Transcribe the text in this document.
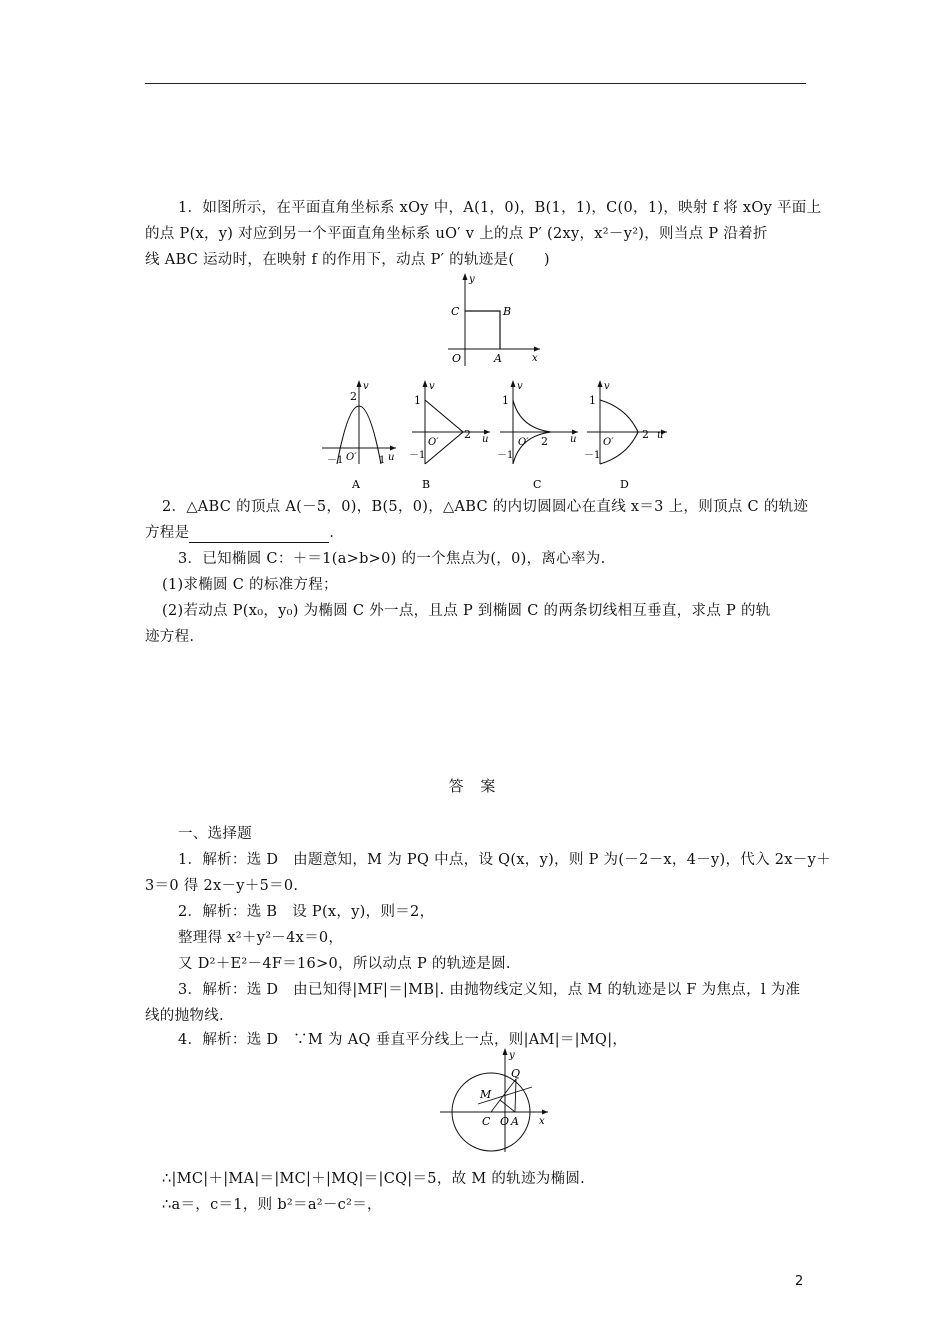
1．如图所示，在平面直角坐标系 xOy 中，A(1，0)，B(1，1)，C(0，1)，映射 f 将 xOy 平面上
的点 P(x，y) 对应到另一个平面直角坐标系 uO′ v 上的点 P′ (2xy，x²－y²)，则当点 P 沿着折
线 ABC 运动时，在映射 f 的作用下，动点 P′ 的轨迹是(　　)
y
x
C	B
O	A
v
u
2
－1 O′ 1
A
v
u
1
－1
O′
2
B
v
u
1
－1
O′ 2
C
v
u
1
－1
O′
2
D
2．△ABC 的顶点 A(－5，0)，B(5，0)，△ABC 的内切圆圆心在直线 x＝3 上，则顶点 C 的轨迹
方程是	．
3．已知椭圆 C：＋＝1(a>b>0) 的一个焦点为(，0)，离心率为.
(1)求椭圆 C 的标准方程；
(2)若动点 P(x₀，y₀) 为椭圆 C 外一点，且点 P 到椭圆 C 的两条切线相互垂直，求点 P 的轨
迹方程.
答 案
一、选择题
1．解析：选 D　由题意知，M 为 PQ 中点，设 Q(x，y)，则 P 为(－2－x，4－y)，代入 2x－y＋
3＝0 得 2x－y＋5＝0.
2．解析：选 B　设 P(x，y)，则＝2，
整理得 x²＋y²－4x＝0，
又 D²＋E²－4F＝16>0，所以动点 P 的轨迹是圆.
3．解析：选 D　由已知得|MF|＝|MB|. 由抛物线定义知，点 M 的轨迹是以 F 为焦点，l 为准
线的抛物线.
4．解析：选 D　∵M 为 AQ 垂直平分线上一点，则|AM|＝|MQ|，
y
x
Q
M
C O A
∴|MC|＋|MA|＝|MC|＋|MQ|＝|CQ|＝5，故 M 的轨迹为椭圆.
∴a＝，c＝1，则 b²＝a²－c²＝，
2
